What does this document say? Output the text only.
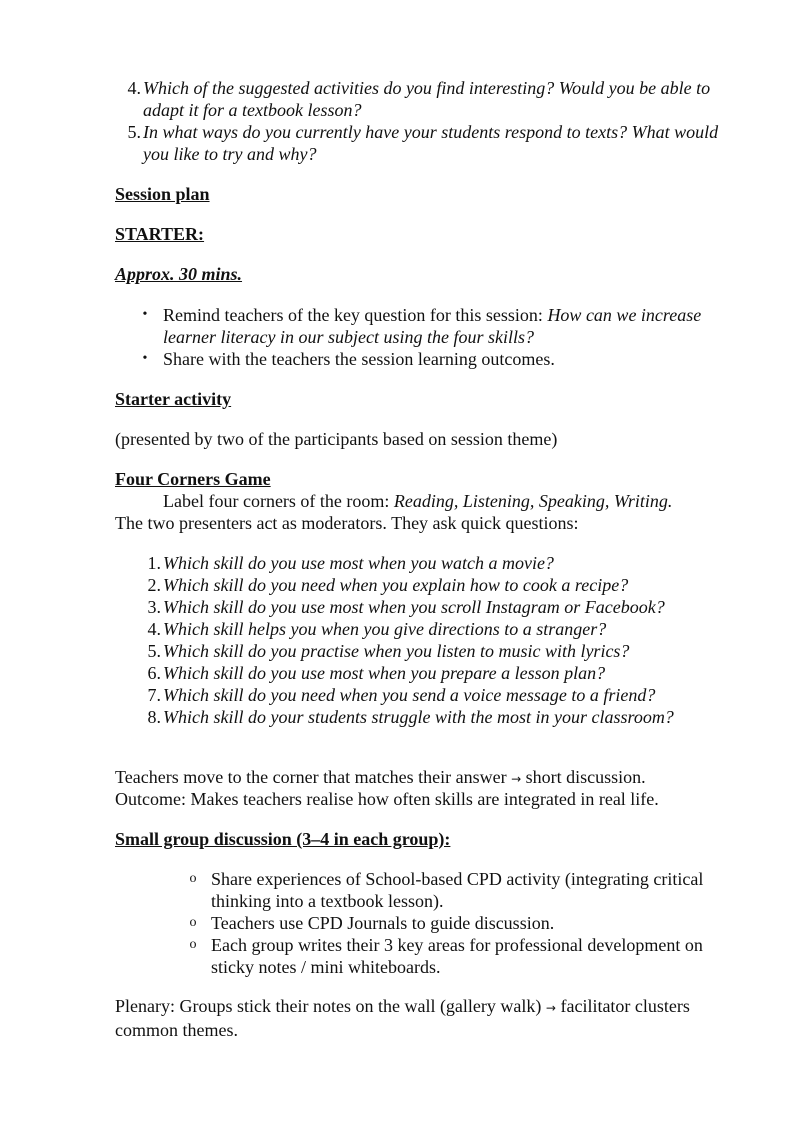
4. Which of the suggested activities do you find interesting? Would you be able to adapt it for a textbook lesson?
5. In what ways do you currently have your students respond to texts? What would you like to try and why?
Session plan
STARTER:
Approx. 30 mins.
• Remind teachers of the key question for this session: How can we increase learner literacy in our subject using the four skills?
• Share with the teachers the session learning outcomes.
Starter activity
(presented by two of the participants based on session theme)
Four Corners Game
Label four corners of the room: Reading, Listening, Speaking, Writing.
The two presenters act as moderators. They ask quick questions:
1. Which skill do you use most when you watch a movie?
2. Which skill do you need when you explain how to cook a recipe?
3. Which skill do you use most when you scroll Instagram or Facebook?
4. Which skill helps you when you give directions to a stranger?
5. Which skill do you practise when you listen to music with lyrics?
6. Which skill do you use most when you prepare a lesson plan?
7. Which skill do you need when you send a voice message to a friend?
8. Which skill do your students struggle with the most in your classroom?
Teachers move to the corner that matches their answer → short discussion.
Outcome: Makes teachers realise how often skills are integrated in real life.
Small group discussion (3–4 in each group):
o Share experiences of School-based CPD activity (integrating critical thinking into a textbook lesson).
o Teachers use CPD Journals to guide discussion.
o Each group writes their 3 key areas for professional development on sticky notes / mini whiteboards.
Plenary: Groups stick their notes on the wall (gallery walk) → facilitator clusters common themes.
